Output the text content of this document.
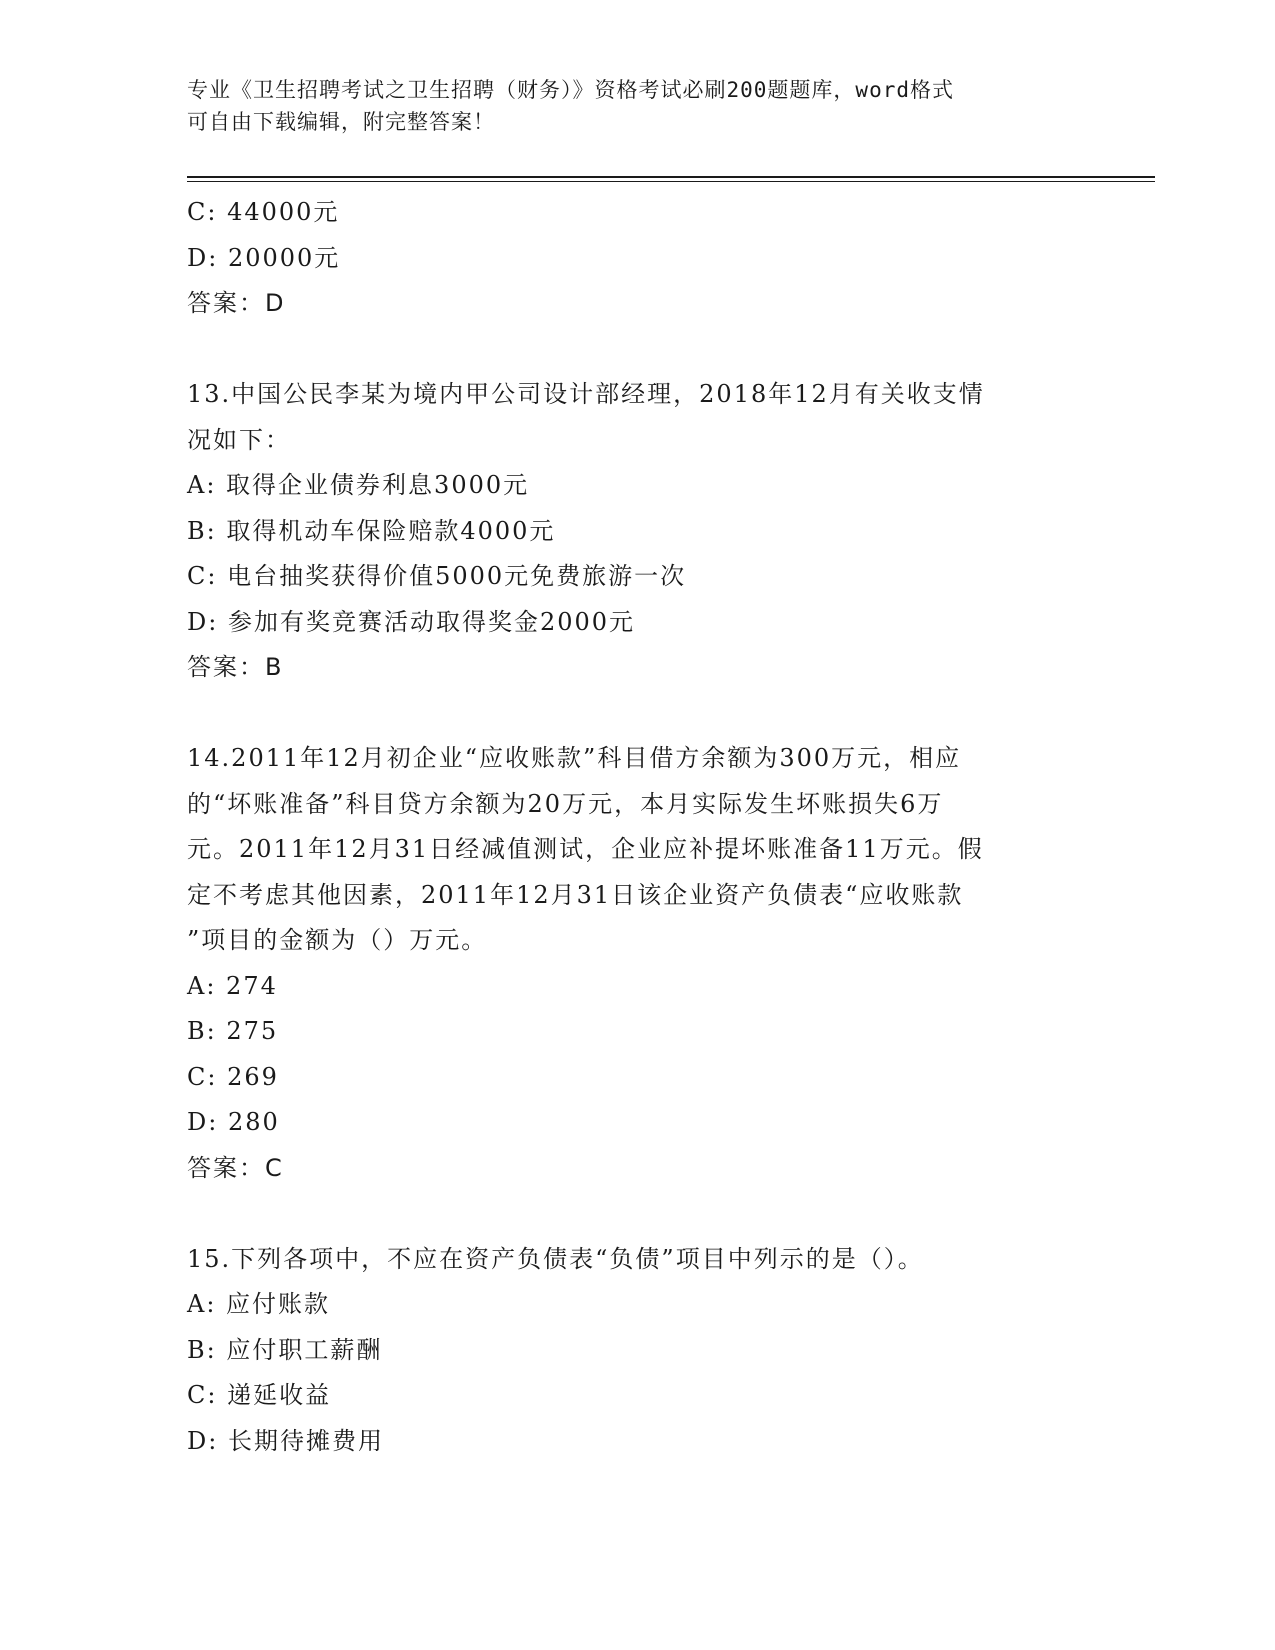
专业《卫生招聘考试之卫生招聘（财务）》资格考试必刷200题题库，word格式
可自由下载编辑，附完整答案！
C: 44000元
D: 20000元
答案：D
13.中国公民李某为境内甲公司设计部经理，2018年12月有关收支情
况如下：
A: 取得企业债券利息3000元
B: 取得机动车保险赔款4000元
C: 电台抽奖获得价值5000元免费旅游一次
D: 参加有奖竞赛活动取得奖金2000元
答案：B
14.2011年12月初企业“应收账款”科目借方余额为300万元，相应
的“坏账准备”科目贷方余额为20万元，本月实际发生坏账损失6万
元。2011年12月31日经减值测试，企业应补提坏账准备11万元。假
定不考虑其他因素，2011年12月31日该企业资产负债表“应收账款
”项目的金额为（）万元。
A: 274
B: 275
C: 269
D: 280
答案：C
15.下列各项中，不应在资产负债表“负债”项目中列示的是（）。
A: 应付账款
B: 应付职工薪酬
C: 递延收益
D: 长期待摊费用
